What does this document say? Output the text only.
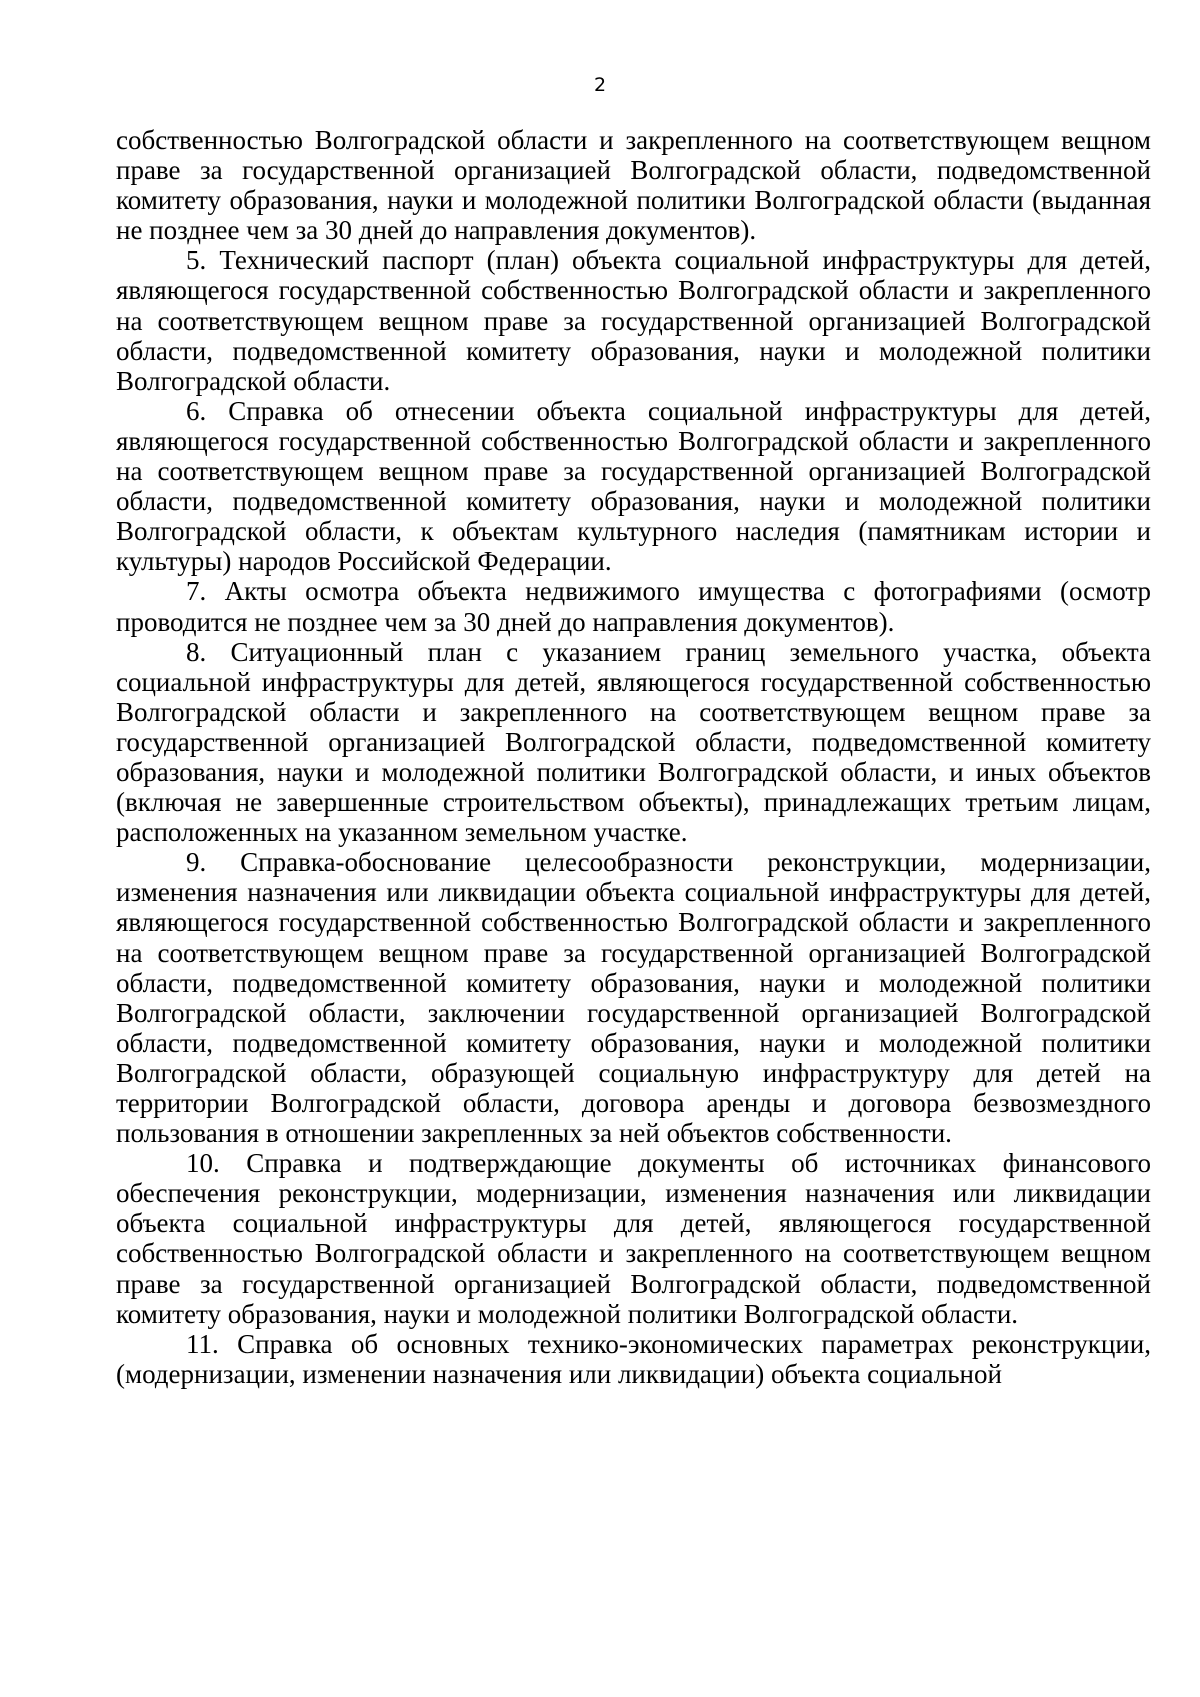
2

собственностью Волгоградской области и закрепленного на соответствующем вещном праве за государственной организацией Волгоградской области, подведомственной комитету образования, науки и молодежной политики Волгоградской области (выданная не позднее чем за 30 дней до направления документов).

5. Технический паспорт (план) объекта социальной инфраструктуры для детей, являющегося государственной собственностью Волгоградской области и закрепленного на соответствующем вещном праве за государственной организацией Волгоградской области, подведомственной комитету образования, науки и молодежной политики Волгоградской области.

6. Справка об отнесении объекта социальной инфраструктуры для детей, являющегося государственной собственностью Волгоградской области и закрепленного на соответствующем вещном праве за государственной организацией Волгоградской области, подведомственной комитету образования, науки и молодежной политики Волгоградской области, к объектам культурного наследия (памятникам истории и культуры) народов Российской Федерации.

7. Акты осмотра объекта недвижимого имущества с фотографиями (осмотр проводится не позднее чем за 30 дней до направления документов).

8. Ситуационный план с указанием границ земельного участка, объекта социальной инфраструктуры для детей, являющегося государственной собственностью Волгоградской области и закрепленного на соответствующем вещном праве за государственной организацией Волгоградской области, подведомственной комитету образования, науки и молодежной политики Волгоградской области, и иных объектов (включая не завершенные строительством объекты), принадлежащих третьим лицам, расположенных на указанном земельном участке.

9. Справка-обоснование целесообразности реконструкции, модернизации, изменения назначения или ликвидации объекта социальной инфраструктуры для детей, являющегося государственной собственностью Волгоградской области и закрепленного на соответствующем вещном праве за государственной организацией Волгоградской области, подведомственной комитету образования, науки и молодежной политики Волгоградской области, заключении государственной организацией Волгоградской области, подведомственной комитету образования, науки и молодежной политики Волгоградской области, образующей социальную инфраструктуру для детей на территории Волгоградской области, договора аренды и договора безвозмездного пользования в отношении закрепленных за ней объектов собственности.

10. Справка и подтверждающие документы об источниках финансового обеспечения реконструкции, модернизации, изменения назначения или ликвидации объекта социальной инфраструктуры для детей, являющегося государственной собственностью Волгоградской области и закрепленного на соответствующем вещном праве за государственной организацией Волгоградской области, подведомственной комитету образования, науки и молодежной политики Волгоградской области.

11. Справка об основных технико-экономических параметрах реконструкции, (модернизации, изменении назначения или ликвидации) объекта социальной
